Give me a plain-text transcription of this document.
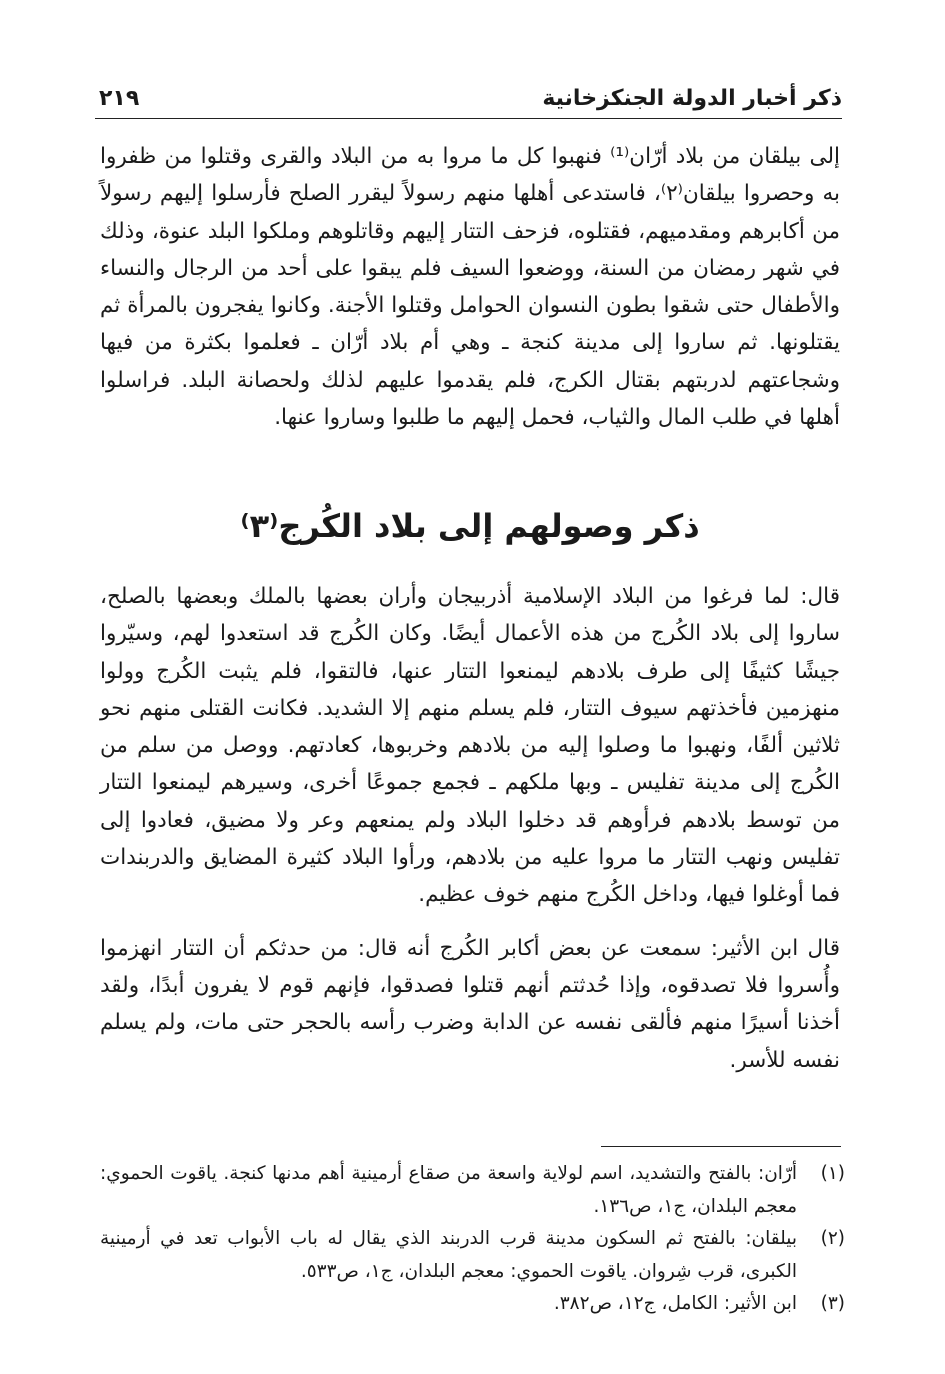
ذكر أخبار الدولة الجنكزخانية
٢١٩

إلى بيلقان من بلاد أرّان⁽¹⁾ فنهبوا كل ما مروا به من البلاد والقرى وقتلوا من ظفروا به وحصروا بيلقان⁽٢⁾، فاستدعى أهلها منهم رسولاً ليقرر الصلح فأرسلوا إليهم رسولاً من أكابرهم ومقدميهم، فقتلوه، فزحف التتار إليهم وقاتلوهم وملكوا البلد عنوة، وذلك في شهر رمضان من السنة، ووضعوا السيف فلم يبقوا على أحد من الرجال والنساء والأطفال حتى شقوا بطون النسوان الحوامل وقتلوا الأجنة. وكانوا يفجرون بالمرأة ثم يقتلونها. ثم ساروا إلى مدينة كنجة ـ وهي أم بلاد أرّان ـ فعلموا بكثرة من فيها وشجاعتهم لدربتهم بقتال الكرج، فلم يقدموا عليهم لذلك ولحصانة البلد. فراسلوا أهلها في طلب المال والثياب، فحمل إليهم ما طلبوا وساروا عنها.

ذكر وصولهم إلى بلاد الكُرج⁽٣⁾

قال: لما فرغوا من البلاد الإسلامية أذربيجان وأران بعضها بالملك وبعضها بالصلح، ساروا إلى بلاد الكُرج من هذه الأعمال أيضًا. وكان الكُرج قد استعدوا لهم، وسيّروا جيشًا كثيفًا إلى طرف بلادهم ليمنعوا التتار عنها، فالتقوا، فلم يثبت الكُرج وولوا منهزمين فأخذتهم سيوف التتار، فلم يسلم منهم إلا الشديد. فكانت القتلى منهم نحو ثلاثين ألفًا، ونهبوا ما وصلوا إليه من بلادهم وخربوها، كعادتهم. ووصل من سلم من الكُرج إلى مدينة تفليس ـ وبها ملكهم ـ فجمع جموعًا أخرى، وسيرهم ليمنعوا التتار من توسط بلادهم فرأوهم قد دخلوا البلاد ولم يمنعهم وعر ولا مضيق، فعادوا إلى تفليس ونهب التتار ما مروا عليه من بلادهم، ورأوا البلاد كثيرة المضايق والدربندات فما أوغلوا فيها، وداخل الكُرج منهم خوف عظيم.

قال ابن الأثير: سمعت عن بعض أكابر الكُرج أنه قال: من حدثكم أن التتار انهزموا وأُسروا فلا تصدقوه، وإذا حُدثتم أنهم قتلوا فصدقوا، فإنهم قوم لا يفرون أبدًا، ولقد أخذنا أسيرًا منهم فألقى نفسه عن الدابة وضرب رأسه بالحجر حتى مات، ولم يسلم نفسه للأسر.

(١)
أرّان: بالفتح والتشديد، اسم لولاية واسعة من صقاع أرمينية أهم مدنها كنجة. ياقوت الحموي: معجم البلدان، ج١، ص١٣٦.
(٢)
بيلقان: بالفتح ثم السكون مدينة قرب الدربند الذي يقال له باب الأبواب تعد في أرمينية الكبرى، قرب شِروان. ياقوت الحموي: معجم البلدان، ج١، ص٥٣٣.
(٣)
ابن الأثير: الكامل، ج١٢، ص٣٨٢.
